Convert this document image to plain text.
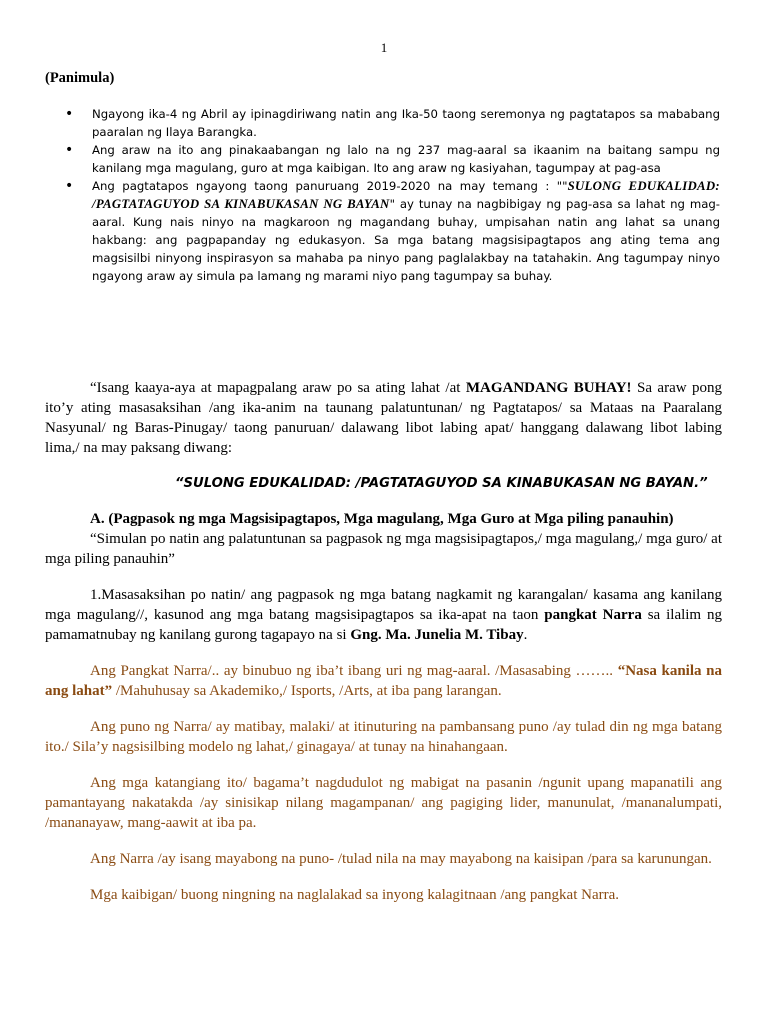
1
(Panimula)
• Ngayong ika-4 ng Abril ay ipinagdiriwang natin ang Ika-50 taong seremonya ng pagtatapos sa mababang paaralan ng Ilaya Barangka.
• Ang araw na ito ang pinakaabangan ng lalo na ng 237 mag-aaral sa ikaanim na baitang sampu ng kanilang mga magulang, guro at mga kaibigan. Ito ang araw ng kasiyahan, tagumpay at pag-asa
• Ang pagtatapos ngayong taong panuruang 2019-2020 na may temang : ""SULONG EDUKALIDAD: /PAGTATAGUYOD SA KINABUKASAN NG BAYAN" ay tunay na nagbibigay ng pag-asa sa lahat ng mag-aaral. Kung nais ninyo na magkaroon ng magandang buhay, umpisahan natin ang lahat sa unang hakbang: ang pagpapanday ng edukasyon. Sa mga batang magsisipagtapos ang ating tema ang magsisilbi ninyong inspirasyon sa mahaba pa ninyo pang paglalakbay na tatahakin. Ang tagumpay ninyo ngayong araw ay simula pa lamang ng marami niyo pang tagumpay sa buhay.

“Isang kaaya-aya at mapagpalang araw po sa ating lahat /at MAGANDANG BUHAY! Sa araw pong ito’y ating masasaksihan /ang ika-anim na taunang palatuntunan/ ng Pagtatapos/ sa Mataas na Paaralang Nasyunal/ ng Baras-Pinugay/ taong panuruan/ dalawang libot labing apat/ hanggang dalawang libot labing lima,/ na may paksang diwang:

“SULONG EDUKALIDAD: /PAGTATAGUYOD SA KINABUKASAN NG BAYAN.”

A. (Pagpasok ng mga Magsisipagtapos, Mga magulang, Mga Guro at Mga piling panauhin)

“Simulan po natin ang palatuntunan sa pagpasok ng mga magsisipagtapos,/ mga magulang,/ mga guro/ at mga piling panauhin”

1.Masasaksihan po natin/ ang pagpasok ng mga batang nagkamit ng karangalan/ kasama ang kanilang mga magulang//, kasunod ang mga batang magsisipagtapos sa ika-apat na taon pangkat Narra sa ilalim ng pamamatnubay ng kanilang gurong tagapayo na si Gng. Ma. Junelia M. Tibay.

Ang Pangkat Narra/.. ay binubuo ng iba’t ibang uri ng mag-aaral. /Masasabing …….. “Nasa kanila na ang lahat” /Mahuhusay sa Akademiko,/ Isports, /Arts, at iba pang larangan.

Ang puno ng Narra/ ay matibay, malaki/ at itinuturing na pambansang puno /ay tulad din ng mga batang ito./ Sila’y nagsisilbing modelo ng lahat,/ ginagaya/ at tunay na hinahangaan.

Ang mga katangiang ito/ bagama’t nagdudulot ng mabigat na pasanin /ngunit upang mapanatili ang pamantayang nakatakda /ay sinisikap nilang magampanan/ ang pagiging lider, manunulat, /mananalumpati, /mananayaw, mang-aawit at iba pa.

Ang Narra /ay isang mayabong na puno- /tulad nila na may mayabong na kaisipan /para sa karunungan.

Mga kaibigan/ buong ningning na naglalakad sa inyong kalagitnaan /ang pangkat Narra.
